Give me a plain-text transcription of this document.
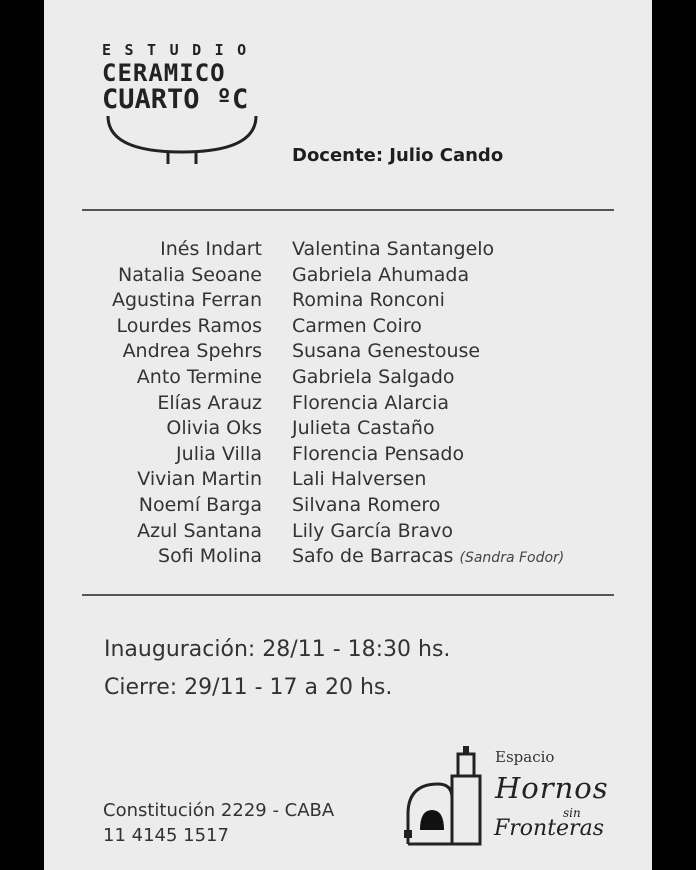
ESTUDIO
CERAMICO
CUARTO ºC
Docente: Julio Cando
Inés Indart
Natalia Seoane
Agustina Ferran
Lourdes Ramos
Andrea Spehrs
Anto Termine
Elías Arauz
Olivia Oks
Julia Villa
Vivian Martin
Noemí Barga
Azul Santana
Sofi Molina
Valentina Santangelo
Gabriela Ahumada
Romina Ronconi
Carmen Coiro
Susana Genestouse
Gabriela Salgado
Florencia Alarcia
Julieta Castaño
Florencia Pensado
Lali Halversen
Silvana Romero
Lily García Bravo
Safo de Barracas (Sandra Fodor)
Inauguración: 28/11 - 18:30 hs.
Cierre: 29/11 - 17 a 20 hs.
Constitución 2229 - CABA
11 4145 1517
Espacio
Hornos
sin
Fronteras
